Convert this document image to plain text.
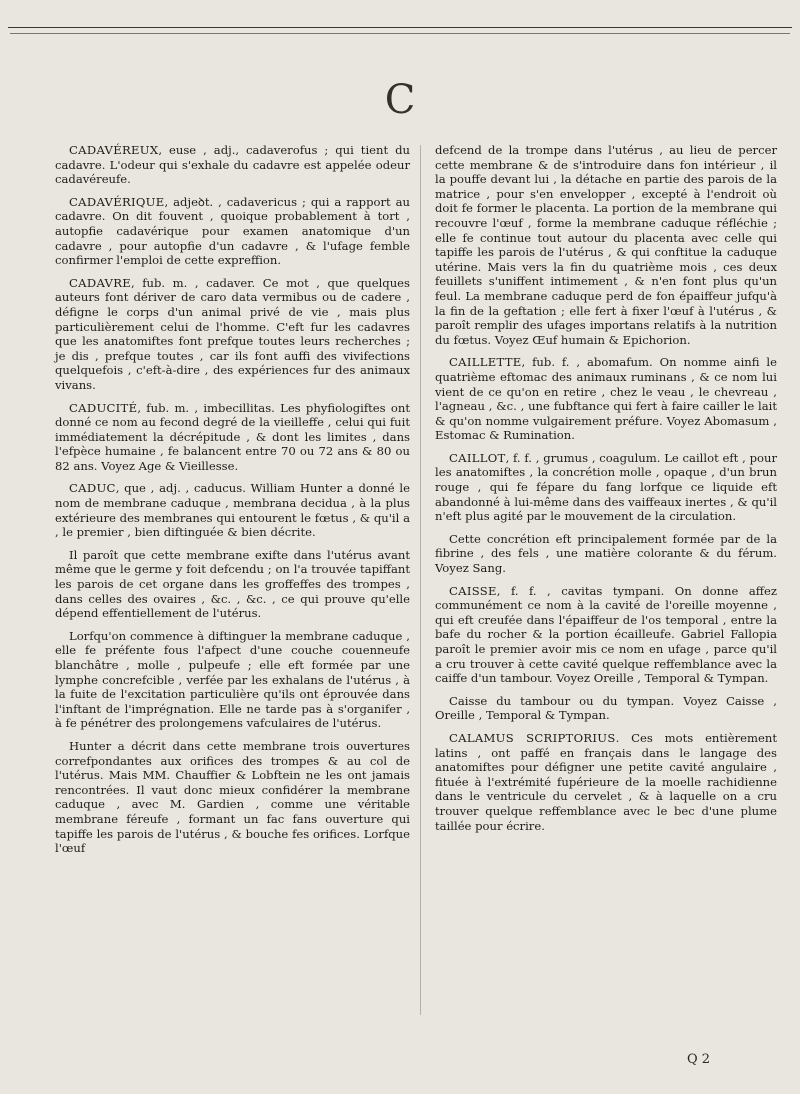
C

CADAVÉREUX, euse , adj., cadaverofus ; qui tient du cadavre. L'odeur qui s'exhale du cadavre est appelée odeur cadavéreufe.

CADAVÉRIQUE, adjeꝺt. , cadavericus ; qui a rapport au cadavre. On dit fouvent , quoique probablement à tort , autopfie cadavérique pour examen anatomique d'un cadavre , pour autopfie d'un cadavre , & l'ufage femble confirmer l'emploi de cette expreffion.

CADAVRE, fub. m. , cadaver. Ce mot , que quelques auteurs font dériver de caro data vermibus ou de cadere , défigne le corps d'un animal privé de vie , mais plus particulièrement celui de l'homme. C'eft fur les cadavres que les anatomiftes font prefque toutes leurs recherches ; je dis , prefque toutes , car ils font auffi des vivifections quelquefois , c'eft-à-dire , des expériences fur des animaux vivans.

CADUCITÉ, fub. m. , imbecillitas. Les phyfiologiftes ont donné ce nom au fecond degré de la vieilleffe , celui qui fuit immédiatement la décrépitude , & dont les limites , dans l'efpèce humaine , fe balancent entre 70 ou 72 ans & 80 ou 82 ans. Voyez Age & Vieillesse.

CADUC, que , adj. , caducus. William Hunter a donné le nom de membrane caduque , membrana decidua , à la plus extérieure des membranes qui entourent le fœtus , & qu'il a , le premier , bien diftinguée & bien décrite.

Il paroît que cette membrane exifte dans l'utérus avant même que le germe y foit defcendu ; on l'a trouvée tapiffant les parois de cet organe dans les groffeffes des trompes , dans celles des ovaires , &c. , &c. , ce qui prouve qu'elle dépend effentiellement de l'utérus.

Lorfqu'on commence à diftinguer la membrane caduque , elle fe préfente fous l'afpect d'une couche couenneufe blanchâtre , molle , pulpeufe ; elle eft formée par une lymphe concrefcible , verfée par les exhalans de l'utérus , à la fuite de l'excitation particulière qu'ils ont éprouvée dans l'inftant de l'imprégnation. Elle ne tarde pas à s'organifer , à fe pénétrer des prolongemens vafculaires de l'utérus.

Hunter a décrit dans cette membrane trois ouvertures correfpondantes aux orifices des trompes & au col de l'utérus. Mais MM. Chauffier & Lobftein ne les ont jamais rencontrées. Il vaut donc mieux confidérer la membrane caduque , avec M. Gardien , comme une véritable membrane féreufe , formant un fac fans ouverture qui tapiffe les parois de l'utérus , & bouche fes orifices. Lorfque l'œuf

defcend de la trompe dans l'utérus , au lieu de percer cette membrane & de s'introduire dans fon intérieur , il la pouffe devant lui , la détache en partie des parois de la matrice , pour s'en envelopper , excepté à l'endroit où doit fe former le placenta. La portion de la membrane qui recouvre l'œuf , forme la membrane caduque réfléchie ; elle fe continue tout autour du placenta avec celle qui tapiffe les parois de l'utérus , & qui conftitue la caduque utérine. Mais vers la fin du quatrième mois , ces deux feuillets s'uniffent intimement , & n'en font plus qu'un feul. La membrane caduque perd de fon épaiffeur jufqu'à la fin de la geftation ; elle fert à fixer l'œuf à l'utérus , & paroît remplir des ufages importans relatifs à la nutrition du fœtus. Voyez Œuf humain & Epichorion.

CAILLETTE, fub. f. , abomafum. On nomme ainfi le quatrième eftomac des animaux ruminans , & ce nom lui vient de ce qu'on en retire , chez le veau , le chevreau , l'agneau , &c. , une fubftance qui fert à faire cailler le lait & qu'on nomme vulgairement préfure. Voyez Abomasum , Estomac & Rumination.

CAILLOT, f. f. , grumus , coagulum. Le caillot eft , pour les anatomiftes , la concrétion molle , opaque , d'un brun rouge , qui fe fépare du fang lorfque ce liquide eft abandonné à lui-même dans des vaiffeaux inertes , & qu'il n'eft plus agité par le mouvement de la circulation.

Cette concrétion eft principalement formée par de la fibrine , des fels , une matière colorante & du férum. Voyez Sang.

CAISSE, f. f. , cavitas tympani. On donne affez communément ce nom à la cavité de l'oreille moyenne , qui eft creufée dans l'épaiffeur de l'os temporal , entre la bafe du rocher & la portion écailleufe. Gabriel Fallopia paroît le premier avoir mis ce nom en ufage , parce qu'il a cru trouver à cette cavité quelque reffemblance avec la caiffe d'un tambour. Voyez Oreille , Temporal & Tympan.

Caisse du tambour ou du tympan. Voyez Caisse , Oreille , Temporal & Tympan.

CALAMUS SCRIPTORIUS. Ces mots entièrement latins , ont paffé en français dans le langage des anatomiftes pour défigner une petite cavité angulaire , fituée à l'extrémité fupérieure de la moelle rachidienne dans le ventricule du cervelet , & à laquelle on a cru trouver quelque reffemblance avec le bec d'une plume taillée pour écrire.

Q 2
